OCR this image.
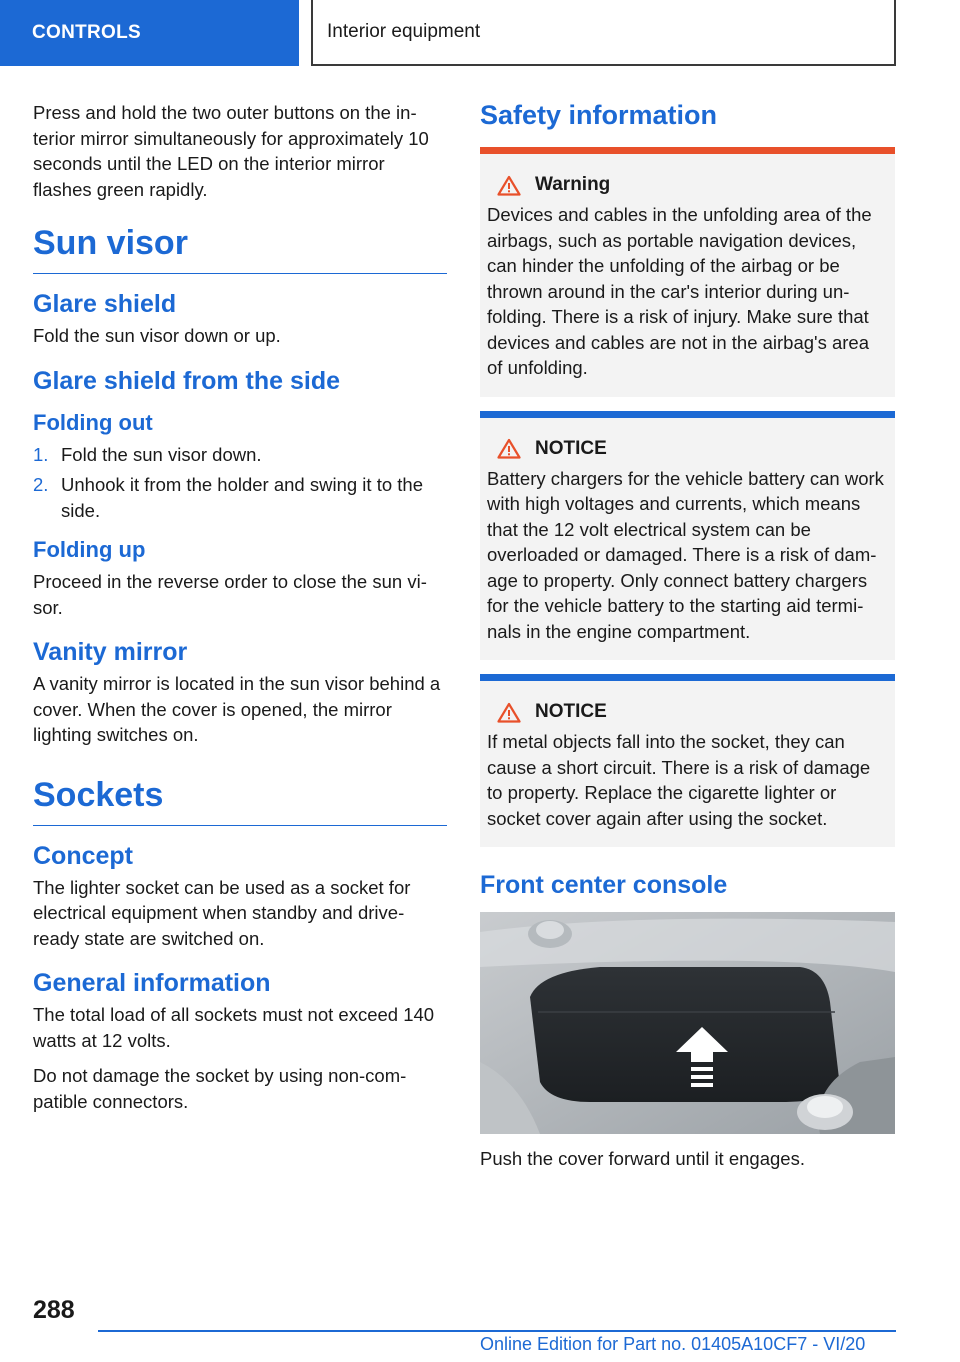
CONTROLS	Interior equipment

Press and hold the two outer buttons on the interior mirror simultaneously for approximately 10 seconds until the LED on the interior mirror flashes green rapidly.

Sun visor
Glare shield

Fold the sun visor down or up.

Glare shield from the side
Folding out
1. Fold the sun visor down.
2. Unhook it from the holder and swing it to the side.
Folding up

Proceed in the reverse order to close the sun visor.

Vanity mirror

A vanity mirror is located in the sun visor behind a cover. When the cover is opened, the mirror lighting switches on.

Sockets
Concept

The lighter socket can be used as a socket for electrical equipment when standby and drive-ready state are switched on.

General information

The total load of all sockets must not exceed 140 watts at 12 volts.

Do not damage the socket by using non-compatible connectors.

Safety information
Warning

Devices and cables in the unfolding area of the airbags, such as portable navigation devices, can hinder the unfolding of the airbag or be thrown around in the car's interior during unfolding. There is a risk of injury. Make sure that devices and cables are not in the airbag's area of unfolding.

NOTICE

Battery chargers for the vehicle battery can work with high voltages and currents, which means that the 12 volt electrical system can be overloaded or damaged. There is a risk of damage to property. Only connect battery chargers for the vehicle battery to the starting aid terminals in the engine compartment.

NOTICE

If metal objects fall into the socket, they can cause a short circuit. There is a risk of damage to property. Replace the cigarette lighter or socket cover again after using the socket.

Front center console

Push the cover forward until it engages.

288
Online Edition for Part no. 01405A10CF7 - VI/20
